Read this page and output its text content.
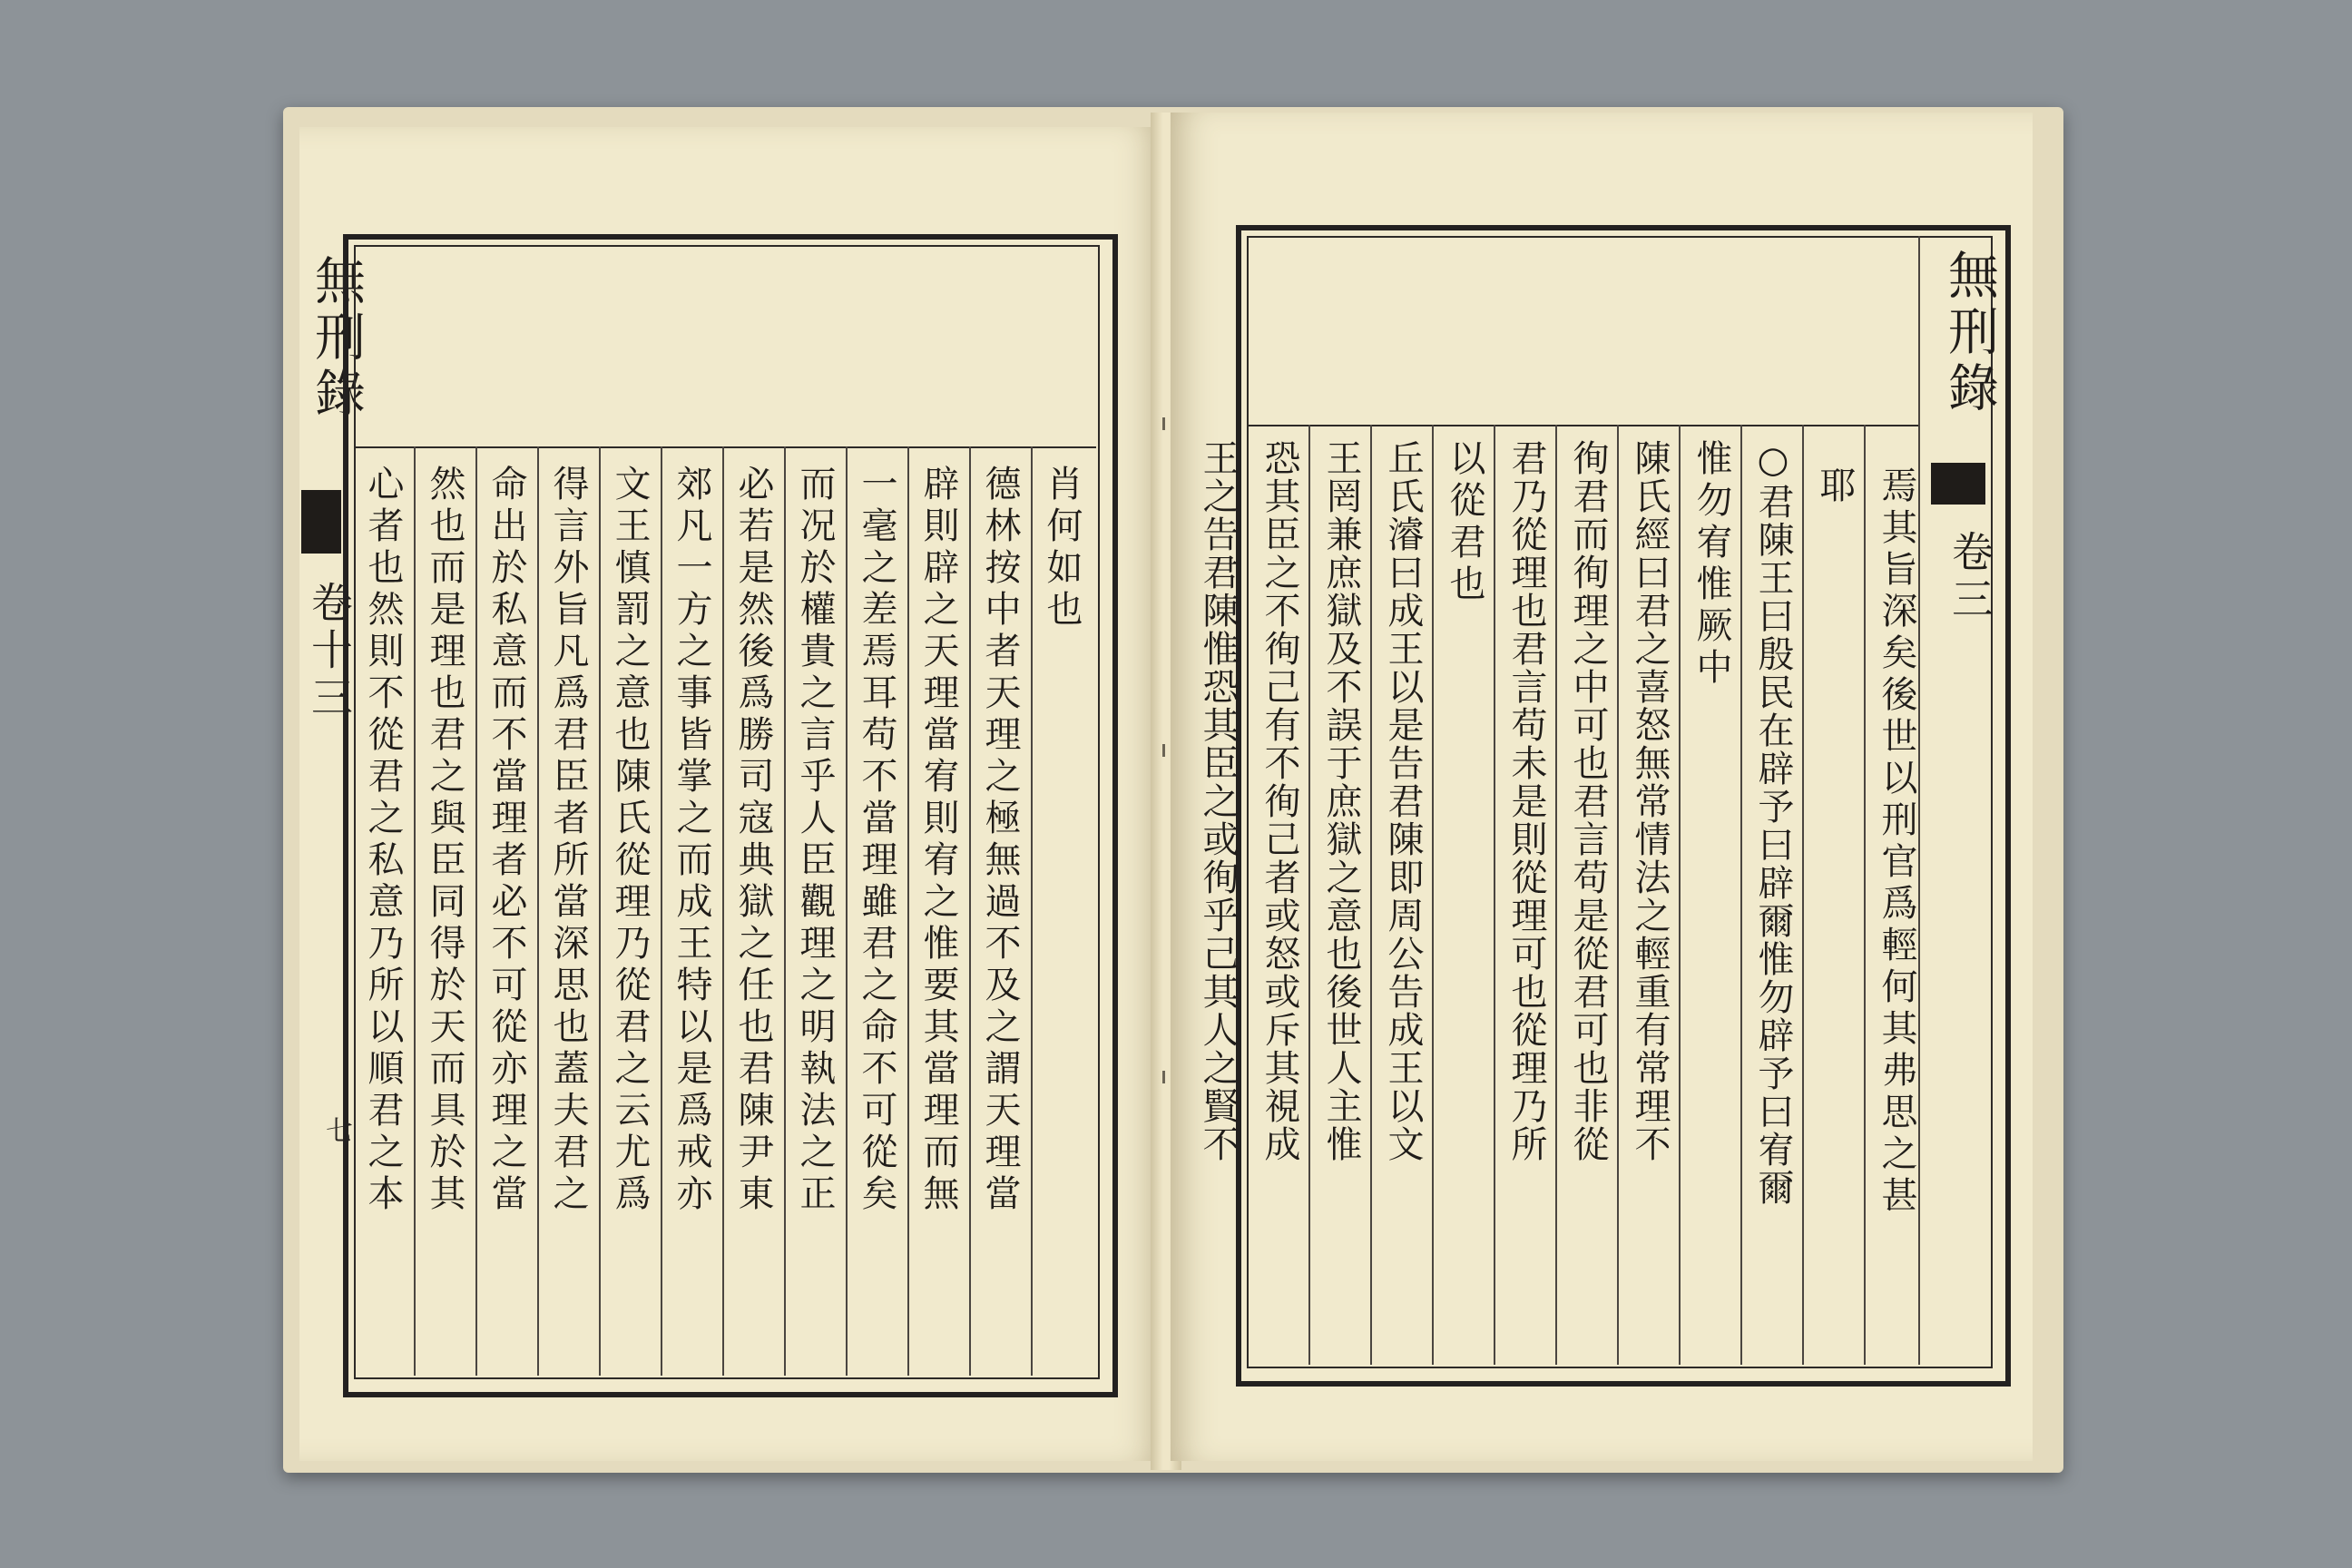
無刑錄
卷十三
七
肖何如也
德林按中者天理之極無過不及之謂天理當
辟則辟之天理當宥則宥之惟要其當理而無
一毫之差焉耳苟不當理雖君之命不可從矣
而况於權貴之言乎人臣觀理之明執法之正
必若是然後爲勝司寇典獄之任也君陳尹東
郊凡一方之事皆掌之而成王特以是爲戒亦
文王慎罰之意也陳氏從理乃從君之云尤爲
得言外旨凡爲君臣者所當深思也蓋夫君之
命出於私意而不當理者必不可從亦理之當
然也而是理也君之與臣同得於天而具於其
心者也然則不從君之私意乃所以順君之本
無刑錄
卷三
焉其旨深矣後世以刑官爲輕何其弗思之甚
耶
○君陳王曰殷民在辟予曰辟爾惟勿辟予曰宥爾
惟勿宥惟厥中
陳氏經曰君之喜怒無常情法之輕重有常理不
徇君而徇理之中可也君言苟是從君可也非從
君乃從理也君言苟未是則從理可也從理乃所
以從君也
丘氏濬曰成王以是告君陳即周公告成王以文
王罔兼庶獄及不誤于庶獄之意也後世人主惟
恐其臣之不徇己有不徇己者或怒或斥其視成
王之告君陳惟恐其臣之或徇乎己其人之賢不
